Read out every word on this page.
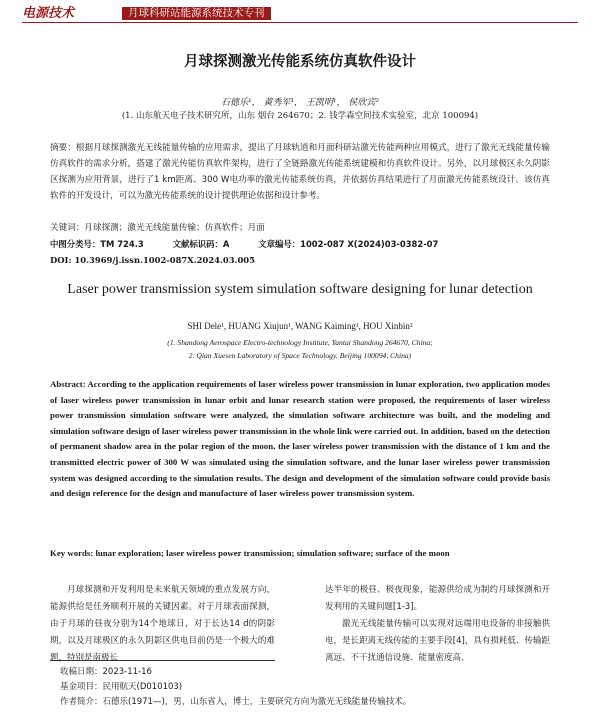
电源技术	月球科研站能源系统技术专刊
月球探测激光传能系统仿真软件设计
石德乐¹， 黄秀军¹， 王凯明¹， 侯欣宾²
(1. 山东航天电子技术研究所，山东 烟台 264670；2. 钱学森空间技术实验室，北京 100094)
摘要：根据月球探测激光无线能量传输的应用需求，提出了月球轨道和月面科研站激光传能两种应用模式，进行了激光无线能量传输仿真软件的需求分析，搭建了激光传能仿真软件架构，进行了全链路激光传能系统建模和仿真软件设计。另外，以月球极区永久阴影区探测为应用背景，进行了1 km距离、300 W电功率的激光传能系统仿真，并依据仿真结果进行了月面激光传能系统设计。该仿真软件的开发设计，可以为激光传能系统的设计提供理论依据和设计参考。
关键词：月球探测；激光无线能量传输；仿真软件；月面
中图分类号：TM 724.3	文献标识码：A	文章编号：1002-087 X(2024)03-0382-07
DOI: 10.3969/j.issn.1002-087X.2024.03.005
Laser power transmission system simulation software designing for lunar detection
SHI Dele¹, HUANG Xiujun¹, WANG Kaiming¹, HOU Xinbin²
(1. Shandong Aerospace Electro-technology Institute, Yantai Shandong 264670, China;
2. Qian Xuesen Laboratory of Space Technology, Beijing 100094, China)
Abstract: According to the application requirements of laser wireless power transmission in lunar exploration, two application modes of laser wireless power transmission in lunar orbit and lunar research station were proposed, the requirements of laser wireless power transmission simulation software were analyzed, the simulation software architecture was built, and the modeling and simulation software design of laser wireless power transmission in the whole link were carried out. In addition, based on the detection of permanent shadow area in the polar region of the moon, the laser wireless power transmission with the distance of 1 km and the transmitted electric power of 300 W was simulated using the simulation software, and the lunar laser wireless power transmission system was designed according to the simulation results. The design and development of the simulation software could provide basis and design reference for the design and manufacture of laser wireless power transmission system.
Key words: lunar exploration; laser wireless power transmission; simulation software; surface of the moon

月球探测和开发利用是未来航天领域的重点发展方向，能源供给是任务顺利开展的关键因素。对于月球表面探测，由于月球的昼夜分别为14个地球日，对于长达14 d的阴影期，以及月球极区的永久阴影区供电目前仍是一个极大的难题，特别是南极长

达半年的极昼、极夜现象，能源供给成为制约月球探测和开发利用的关键问题[1-3]。

激光无线能量传输可以实现对远端用电设备的非接触供电，是长距离无线传能的主要手段[4]，具有损耗低、传输距离远、不干扰通信设施、能量密度高、

收稿日期：2023-11-16
基金项目：民用航天(D010103)
作者简介：石德乐(1971—)，男，山东省人，博士，主要研究方向为激光无线能量传输技术。
